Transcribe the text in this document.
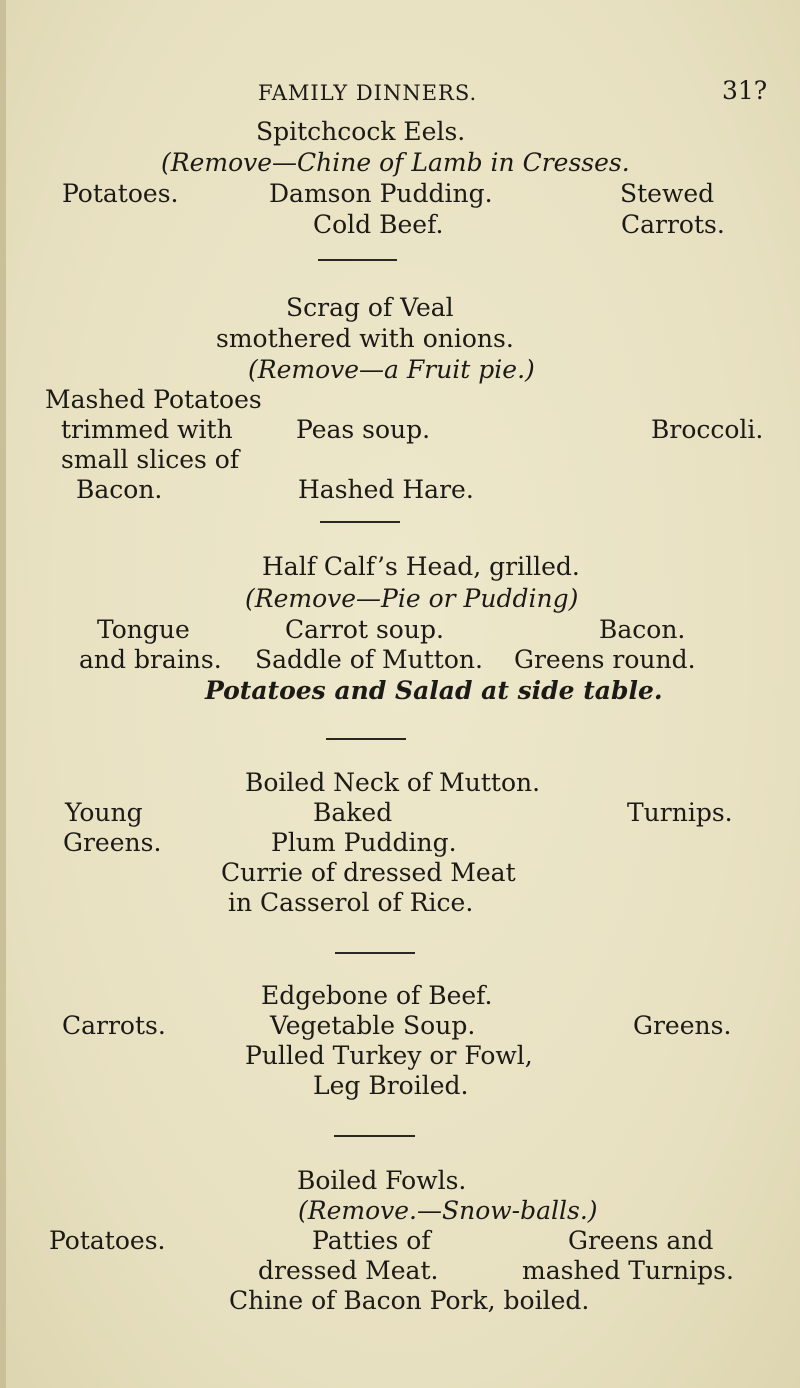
FAMILY DINNERS.	31?
Spitchcock Eels.
(Remove—Chine of Lamb in Cresses.
Potatoes.	Damson Pudding.
Cold Beef.
Stewed
Carrots.
Scrag of Veal
smothered with onions.
(Remove—a Fruit pie.)
Mashed Potatoes
trimmed with
small slices of
Bacon.
Peas soup.
Hashed Hare.
Broccoli.
Half Calf’s Head, grilled.
(Remove—Pie or Pudding)
Tongue
and brains.
Carrot soup.
Saddle of Mutton.
Bacon.
Greens round.
Potatoes and Salad at side table.
Boiled Neck of Mutton.
Baked
Plum Pudding.
Currie of dressed Meat
in Casserol of Rice.
Young
Greens.
Turnips.
Edgebone of Beef.
Vegetable Soup.
Pulled Turkey or Fowl,
Leg Broiled.
Carrots.	Greens.
Boiled Fowls.
(Remove.—Snow-balls.)
Potatoes.	Patties of
dressed Meat.
Greens and
mashed Turnips.
Chine of Bacon Pork, boiled.
